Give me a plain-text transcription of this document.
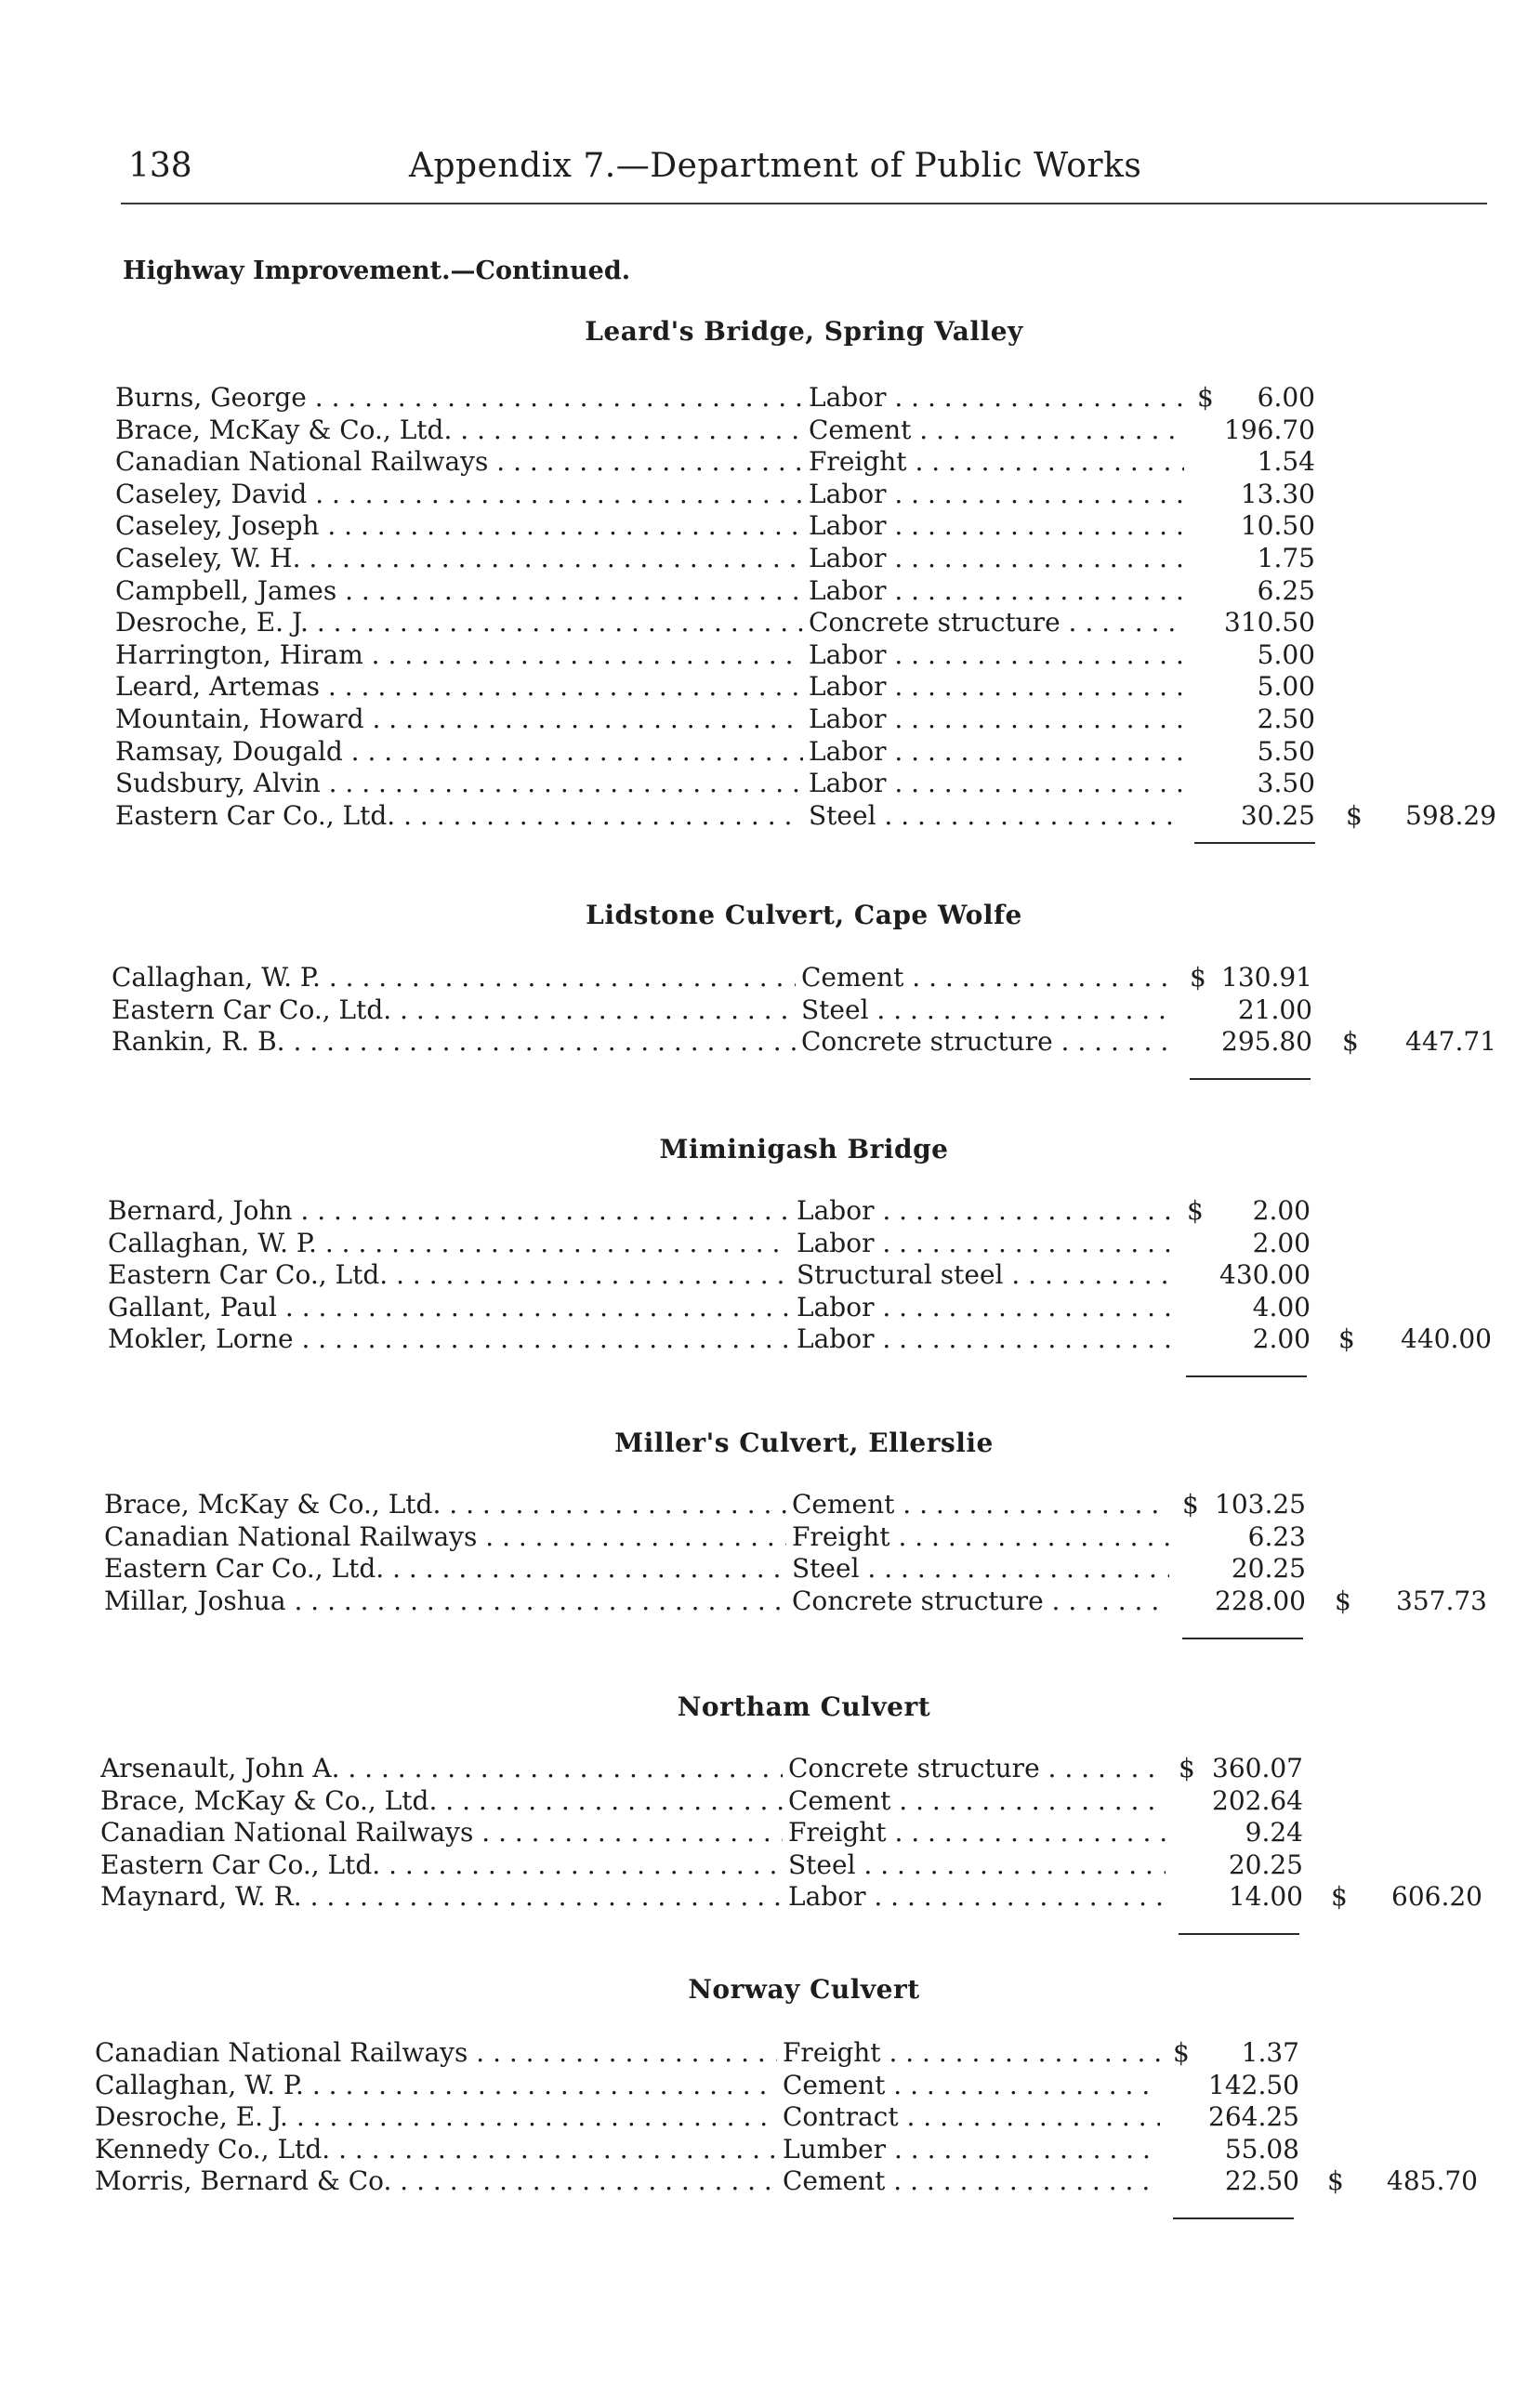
138	Appendix 7.—Department of Public Works
Highway Improvement.—Continued.
Leard's Bridge, Spring Valley
Burns, George . . .	Labor . . .	$	6.00
Brace, McKay & Co., Ltd. . . .	Cement . . .	196.70
Canadian National Railways . . .	Freight . . .	1.54
Caseley, David . . .	Labor . . .	13.30
Caseley, Joseph . . .	Labor . . .	10.50
Caseley, W. H. . . .	Labor . . .	1.75
Campbell, James . . .	Labor . . .	6.25
Desroche, E. J. . . .	Concrete structure . . .	310.50
Harrington, Hiram . . .	Labor . . .	5.00
Leard, Artemas . . .	Labor . . .	5.00
Mountain, Howard . . .	Labor . . .	2.50
Ramsay, Dougald . . .	Labor . . .	5.50
Sudsbury, Alvin . . .	Labor . . .	3.50
Eastern Car Co., Ltd. . . .	Steel . . .	30.25 $	598.29
Lidstone Culvert, Cape Wolfe
Callaghan, W. P. . . .	Cement . . .	$ 130.91
Eastern Car Co., Ltd. . . .	Steel . . .	21.00
Rankin, R. B. . . .	Concrete structure . . .	295.80 $	447.71
Miminigash Bridge
Bernard, John . . .	Labor . . .	$	2.00
Callaghan, W. P. . . .	Labor . . .	2.00
Eastern Car Co., Ltd. . . .	Structural steel . . .	430.00
Gallant, Paul . . .	Labor . . .	4.00
Mokler, Lorne . . .	Labor . . .	2.00 $	440.00
Miller's Culvert, Ellerslie
Brace, McKay & Co., Ltd. . . .	Cement . . .	$ 103.25
Canadian National Railways . . .	Freight . . .	6.23
Eastern Car Co., Ltd. . . .	Steel . . .	20.25
Millar, Joshua . . .	Concrete structure . . .	228.00 $	357.73
Northam Culvert
Arsenault, John A. . . .	Concrete structure . . .	$ 360.07
Brace, McKay & Co., Ltd. . . .	Cement . . .	202.64
Canadian National Railways . . .	Freight . . .	9.24
Eastern Car Co., Ltd. . . .	Steel . . .	20.25
Maynard, W. R. . . .	Labor . . .	14.00 $	606.20
Norway Culvert
Canadian National Railways . . .	Freight . . .	$	1.37
Callaghan, W. P. . . .	Cement . . .	142.50
Desroche, E. J. . . .	Contract . . .	264.25
Kennedy Co., Ltd. . . .	Lumber . . .	55.08
Morris, Bernard & Co. . . .	Cement . . .	22.50 $	485.70
